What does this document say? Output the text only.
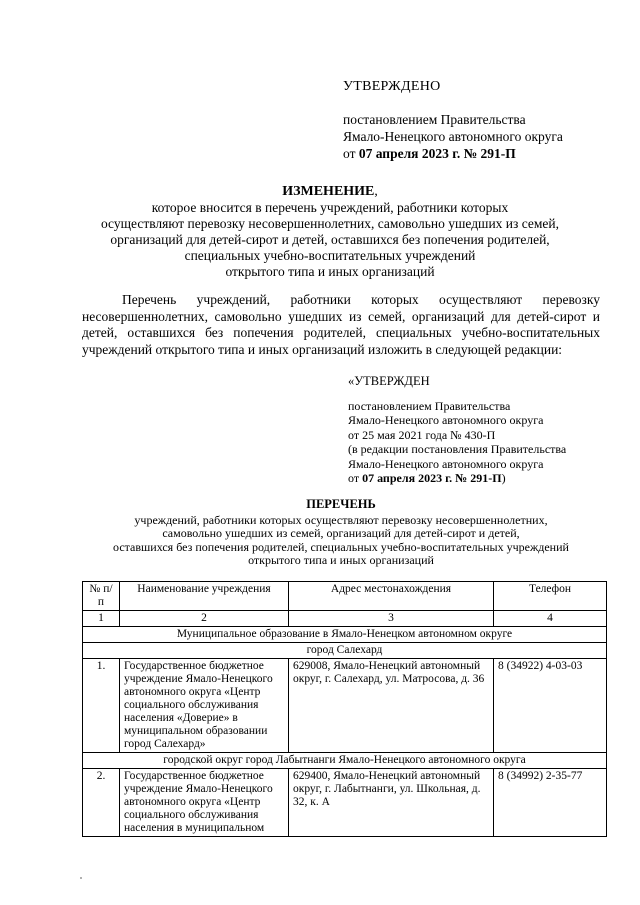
УТВЕРЖДЕНО
постановлением Правительства
Ямало-Ненецкого автономного округа
от 07 апреля 2023 г. № 291-П
ИЗМЕНЕНИЕ,
которое вносится в перечень учреждений, работники которых
осуществляют перевозку несовершеннолетних, самовольно ушедших из семей,
организаций для детей-сирот и детей, оставшихся без попечения родителей,
специальных учебно-воспитательных учреждений
открытого типа и иных организаций

Перечень учреждений, работники которых осуществляют перевозку несовершеннолетних, самовольно ушедших из семей, организаций для детей-сирот и детей, оставшихся без попечения родителей, специальных учебно-воспитательных учреждений открытого типа и иных организаций изложить в следующей редакции:

«УТВЕРЖДЕН
постановлением Правительства
Ямало-Ненецкого автономного округа
от 25 мая 2021 года № 430-П
(в редакции постановления Правительства
Ямало-Ненецкого автономного округа
от 07 апреля 2023 г. № 291-П)
ПЕРЕЧЕНЬ
учреждений, работники которых осуществляют перевозку несовершеннолетних,
самовольно ушедших из семей, организаций для детей-сирот и детей,
оставшихся без попечения родителей, специальных учебно-воспитательных учреждений
открытого типа и иных организаций
№ п/п	Наименование учреждения	Адрес местонахождения	Телефон
1	2	3	4
Муниципальное образование в Ямало-Ненецком автономном округе			
город Салехард			
1.	Государственное бюджетное учреждение Ямало-Ненецкого автономного округа «Центр социального обслуживания населения «Доверие» в муниципальном образовании город Салехард»	629008, Ямало-Ненецкий автономный округ, г. Салехард, ул. Матросова, д. 36	8 (34922) 4-03-03
городской округ город Лабытнанги Ямало-Ненецкого автономного округа			
2.	Государственное бюджетное учреждение Ямало-Ненецкого автономного округа «Центр социального обслуживания населения в муниципальном	629400, Ямало-Ненецкий автономный округ, г. Лабытнанги, ул. Школьная, д. 32, к. А	8 (34992) 2-35-77
